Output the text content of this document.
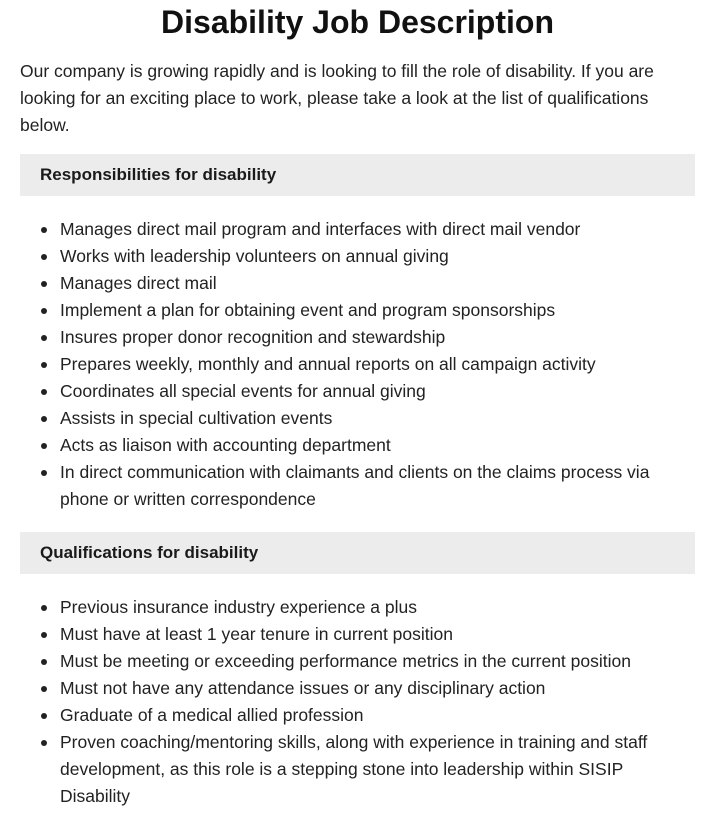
Disability Job Description

Our company is growing rapidly and is looking to fill the role of disability. If you are looking for an exciting place to work, please take a look at the list of qualifications below.

Responsibilities for disability
Manages direct mail program and interfaces with direct mail vendor
Works with leadership volunteers on annual giving
Manages direct mail
Implement a plan for obtaining event and program sponsorships
Insures proper donor recognition and stewardship
Prepares weekly, monthly and annual reports on all campaign activity
Coordinates all special events for annual giving
Assists in special cultivation events
Acts as liaison with accounting department
In direct communication with claimants and clients on the claims process via phone or written correspondence
Qualifications for disability
Previous insurance industry experience a plus
Must have at least 1 year tenure in current position
Must be meeting or exceeding performance metrics in the current position
Must not have any attendance issues or any disciplinary action
Graduate of a medical allied profession
Proven coaching/mentoring skills, along with experience in training and staff development, as this role is a stepping stone into leadership within SISIP Disability
